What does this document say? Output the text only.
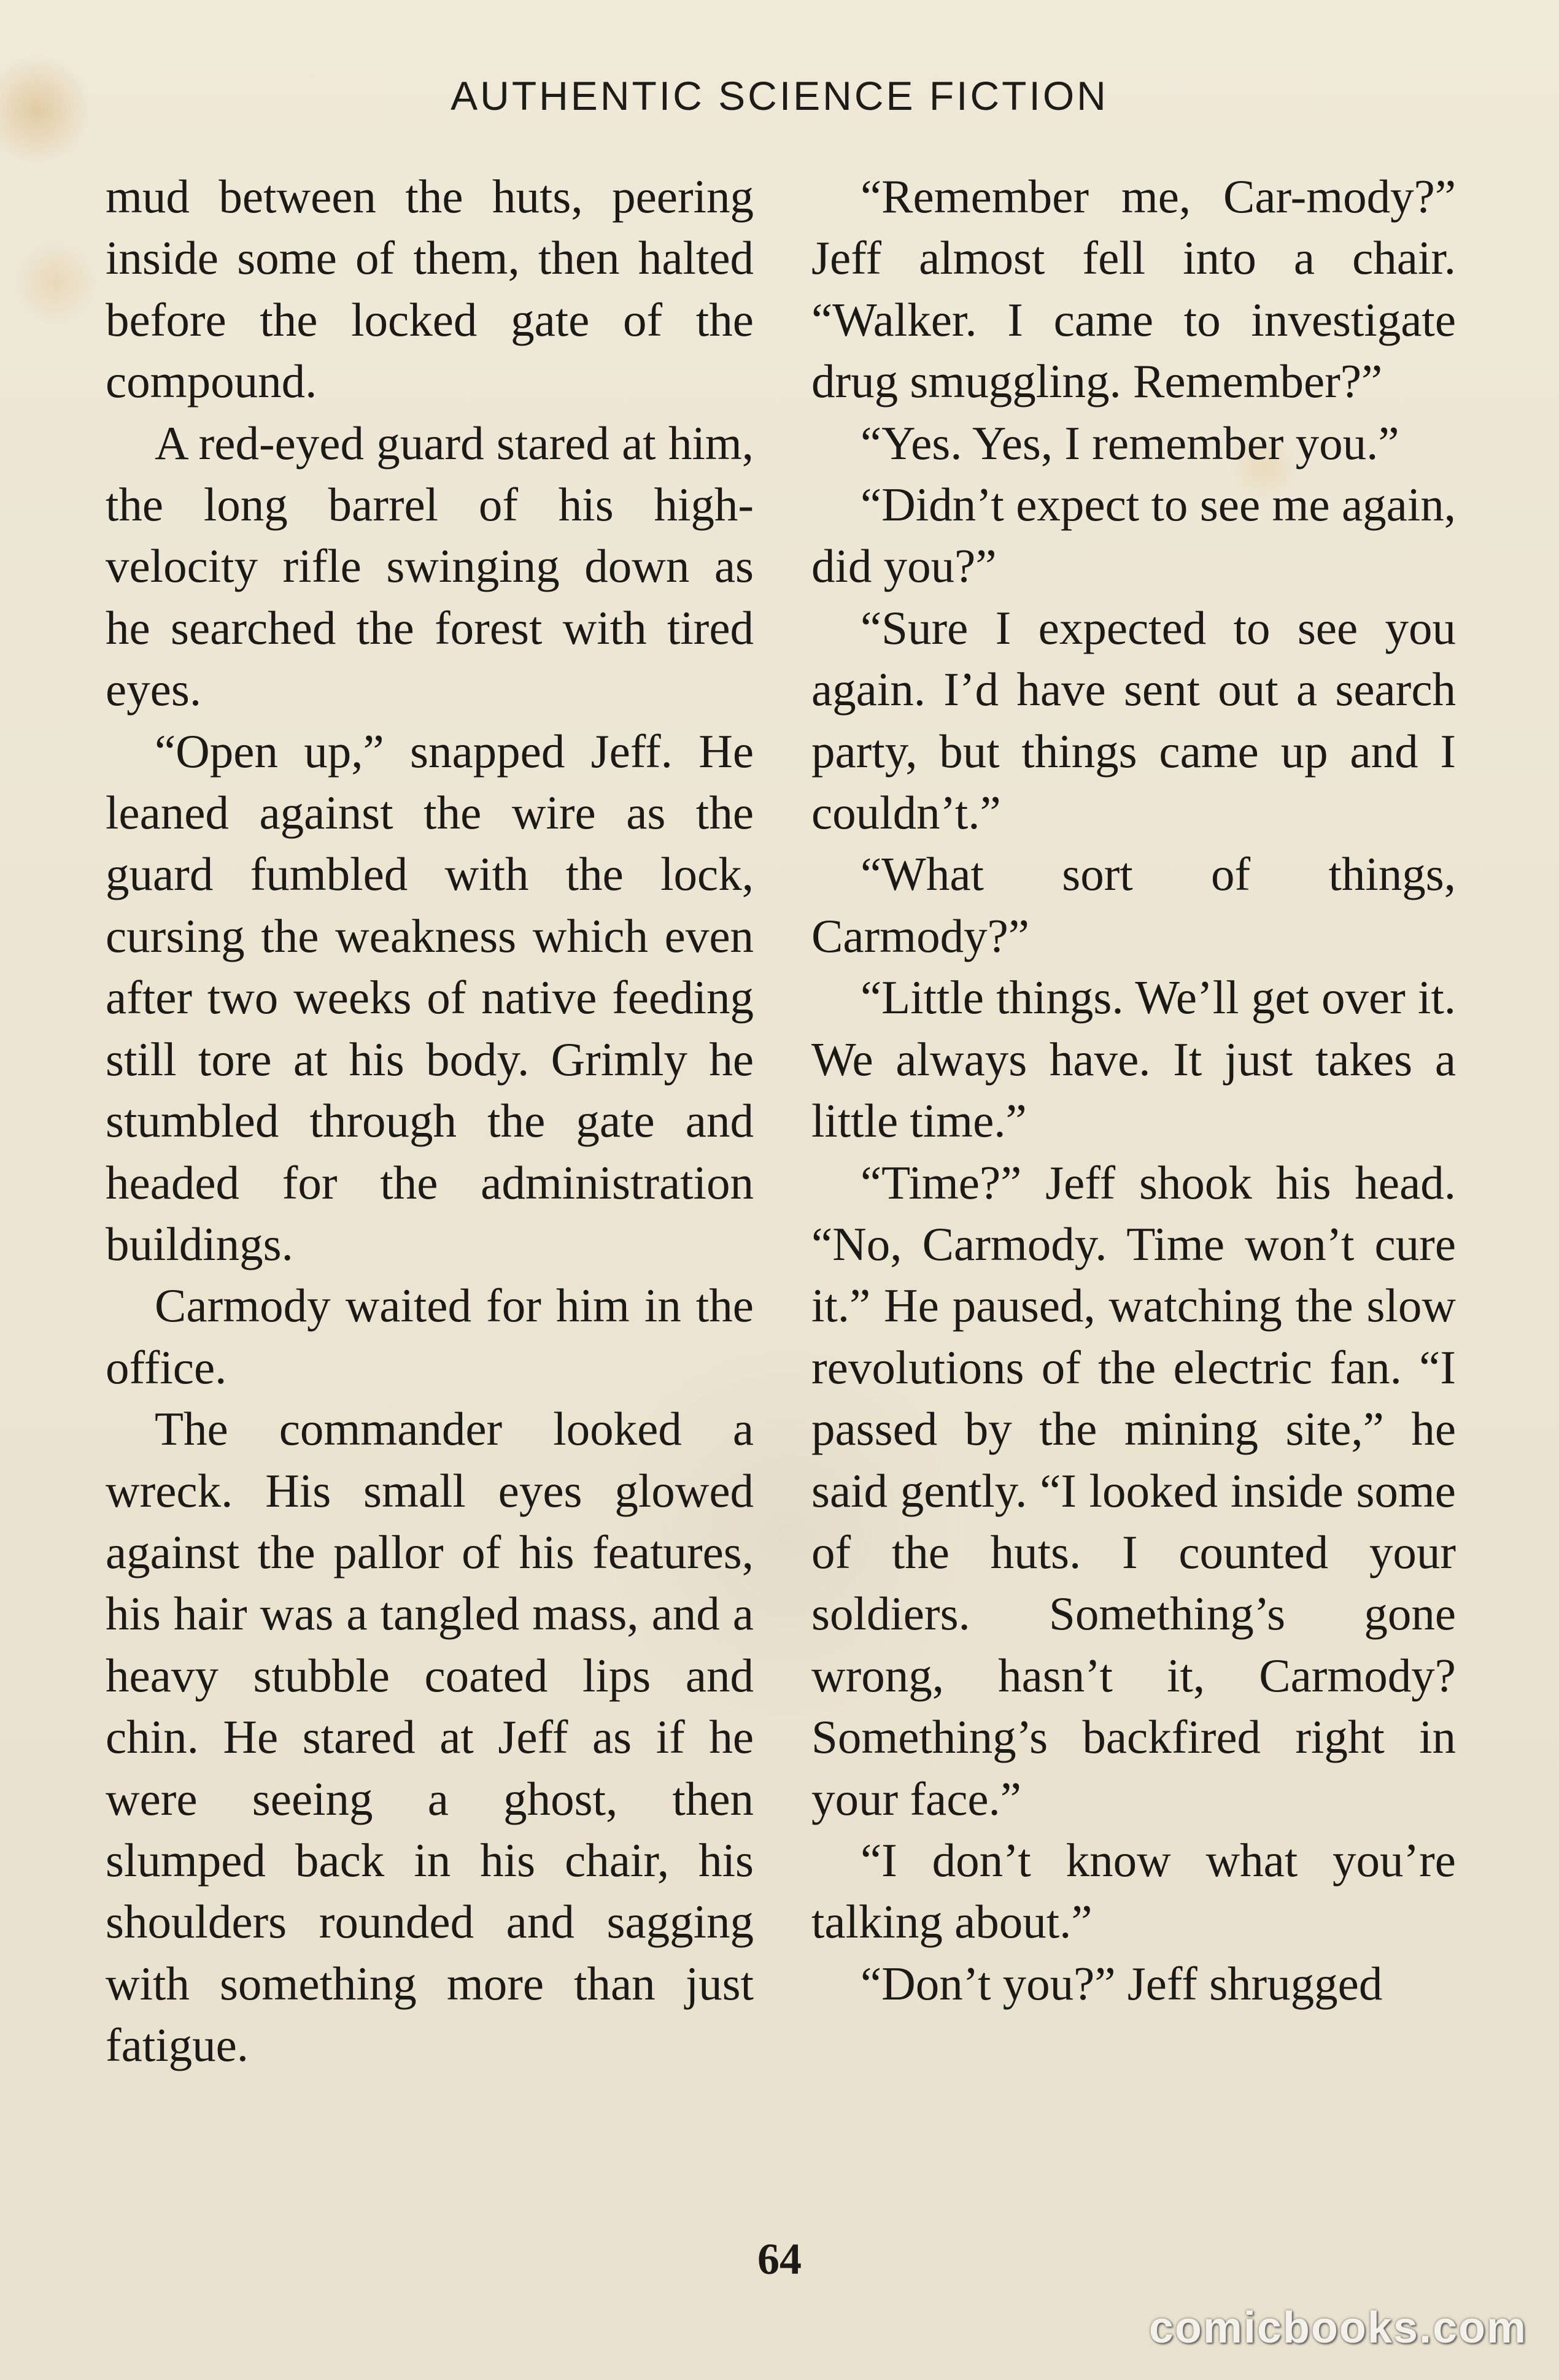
AUTHENTIC SCIENCE FICTION

mud between the huts, peering inside some of them, then halted before the locked gate of the compound.

A red-eyed guard stared at him, the long barrel of his high-velocity rifle swinging down as he searched the forest with tired eyes.

“Open up,” snapped Jeff. He leaned against the wire as the guard fumbled with the lock, cursing the weakness which even after two weeks of native feeding still tore at his body. Grimly he stumbled through the gate and headed for the administration buildings.

Carmody waited for him in the office.

The commander looked a wreck. His small eyes glowed against the pallor of his features, his hair was a tangled mass, and a heavy stubble coated lips and chin. He stared at Jeff as if he were seeing a ghost, then slumped back in his chair, his shoulders rounded and sagging with something more than just fatigue.

“Remember me, Car-mody?” Jeff almost fell into a chair. “Walker. I came to investigate drug smuggling. Remember?”

“Yes. Yes, I remember you.”

“Didn’t expect to see me again, did you?”

“Sure I expected to see you again. I’d have sent out a search party, but things came up and I couldn’t.”

“What sort of things, Carmody?”

“Little things. We’ll get over it. We always have. It just takes a little time.”

“Time?” Jeff shook his head. “No, Carmody. Time won’t cure it.” He paused, watching the slow revolutions of the electric fan. “I passed by the mining site,” he said gently. “I looked inside some of the huts. I counted your soldiers. Something’s gone wrong, hasn’t it, Carmody? Something’s backfired right in your face.”

“I don’t know what you’re talking about.”

“Don’t you?” Jeff shrugged

64
comicbooks.com
